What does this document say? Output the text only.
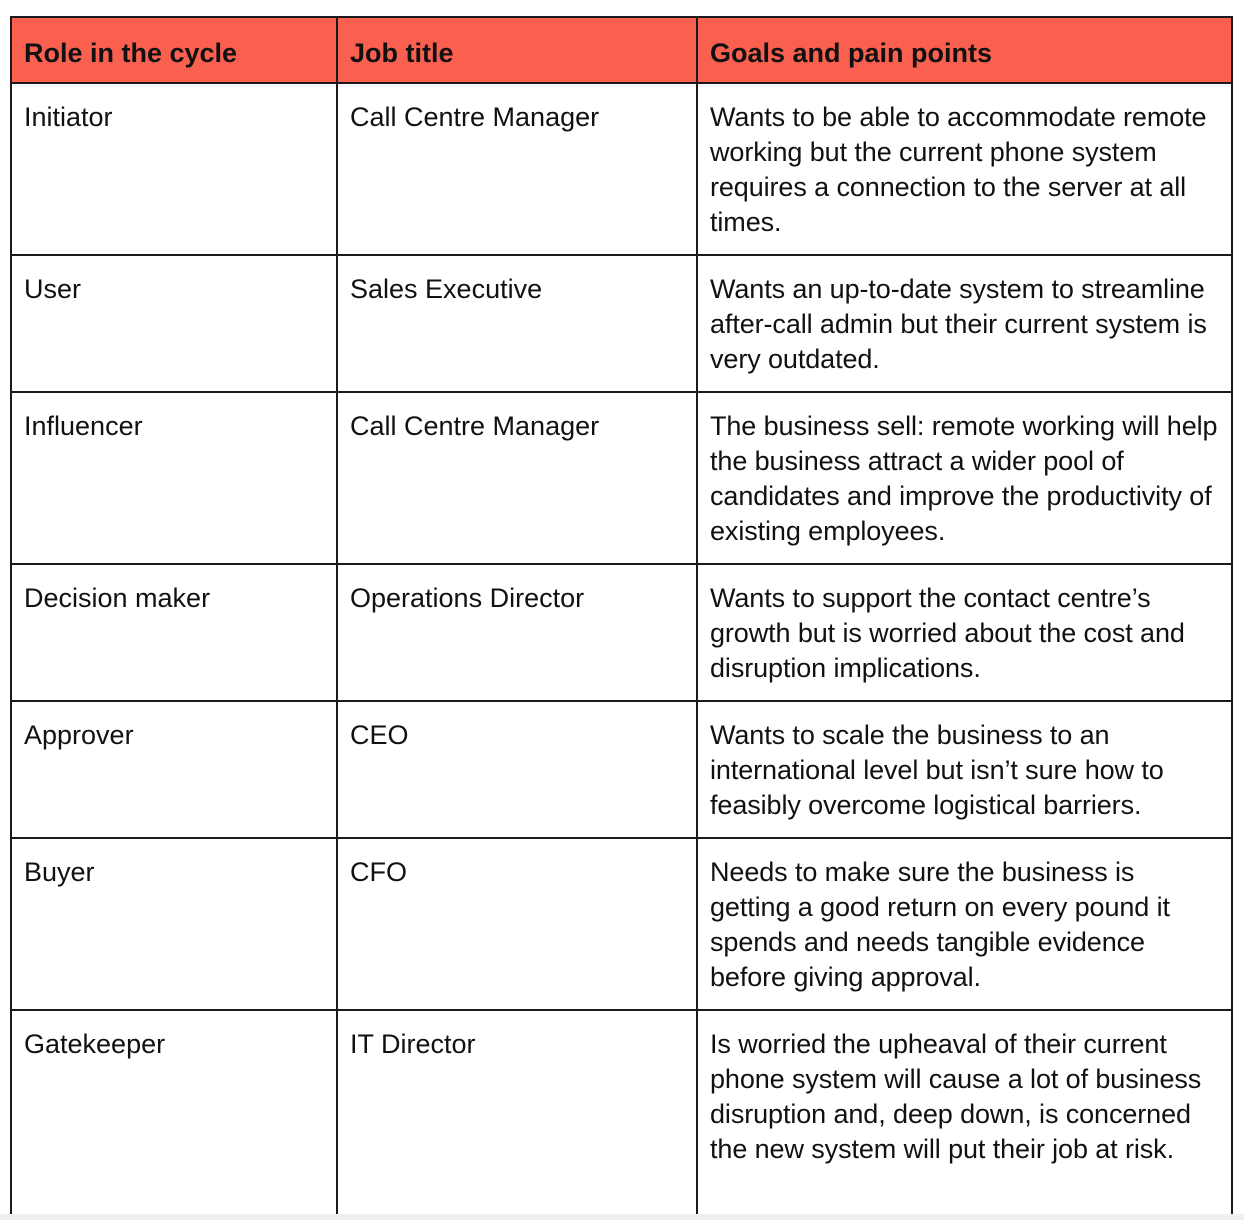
Role in the cycle	Job title	Goals and pain points
Initiator	Call Centre Manager	Wants to be able to accommodate remote working but the current phone system requires a connection to the server at all times.
User	Sales Executive	Wants an up-to-date system to streamline after-call admin but their current system is very outdated.
Influencer	Call Centre Manager	The business sell: remote working will help the business attract a wider pool of candidates and improve the productivity of existing employees.
Decision maker	Operations Director	Wants to support the contact centre’s growth but is worried about the cost and disruption implications.
Approver	CEO	Wants to scale the business to an international level but isn’t sure how to feasibly overcome logistical barriers.
Buyer	CFO	Needs to make sure the business is getting a good return on every pound it spends and needs tangible evidence before giving approval.
Gatekeeper	IT Director	Is worried the upheaval of their current phone system will cause a lot of business disruption and, deep down, is concerned the new system will put their job at risk.
